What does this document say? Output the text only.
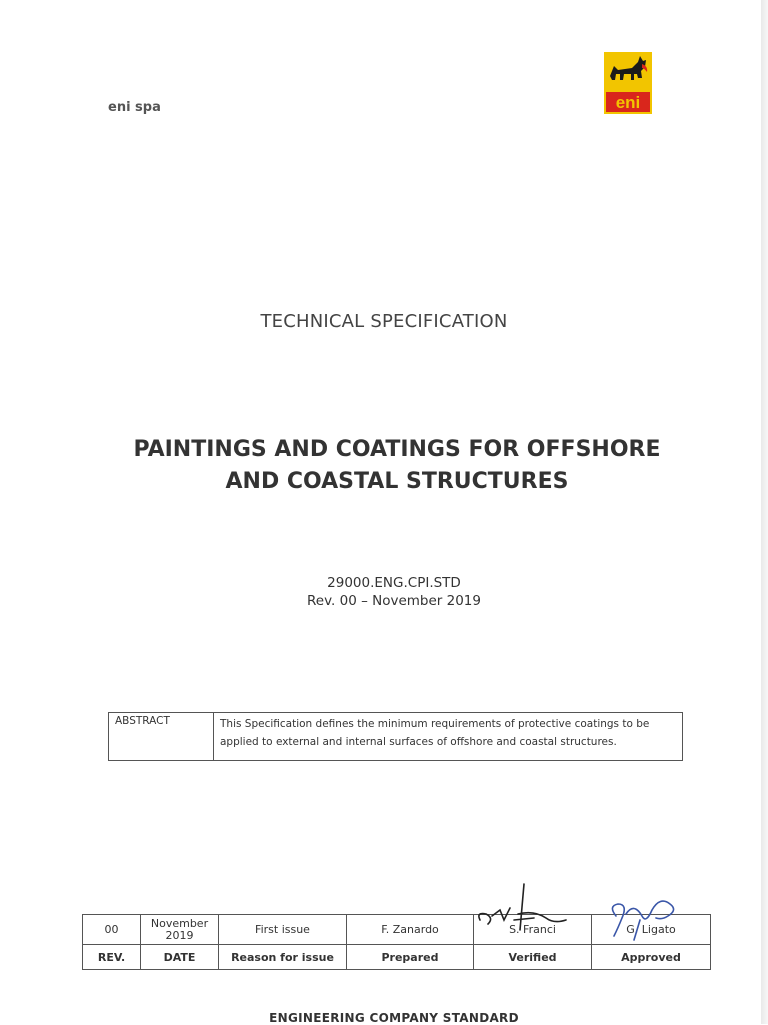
eni spa	eni
TECHNICAL SPECIFICATION
PAINTINGS AND COATINGS FOR OFFSHORE
AND COASTAL STRUCTURES
29000.ENG.CPI.STD
Rev. 00 – November 2019
ABSTRACT	This Specification defines the minimum requirements of protective coatings to be applied to external and internal surfaces of offshore and coastal structures.
00	November 2019	First issue	F. Zanardo	S. Franci	G. Ligato
REV.	DATE	Reason for issue	Prepared	Verified	Approved
ENGINEERING COMPANY STANDARD
